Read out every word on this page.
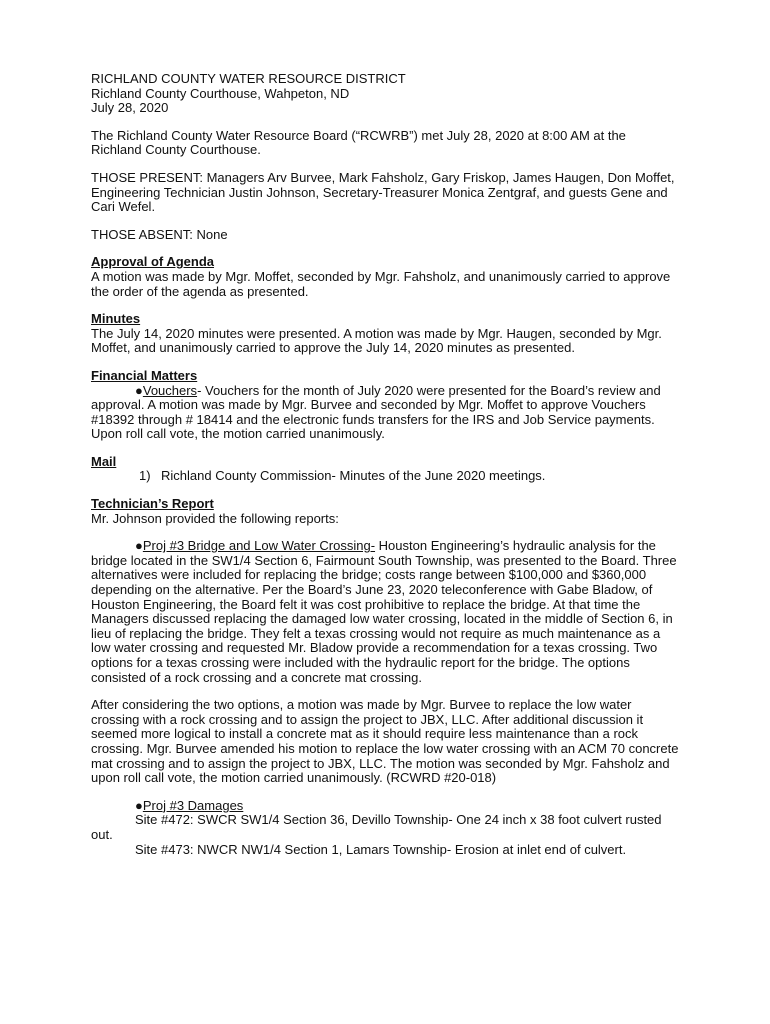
RICHLAND COUNTY WATER RESOURCE DISTRICT

Richland County Courthouse, Wahpeton, ND

July 28, 2020

The Richland County Water Resource Board (“RCWRB”) met July 28, 2020 at 8:00 AM at the Richland County Courthouse.

THOSE PRESENT: Managers Arv Burvee, Mark Fahsholz, Gary Friskop, James Haugen, Don Moffet, Engineering Technician Justin Johnson, Secretary-Treasurer Monica Zentgraf, and guests Gene and Cari Wefel.

THOSE ABSENT: None

Approval of Agenda

A motion was made by Mgr. Moffet, seconded by Mgr. Fahsholz, and unanimously carried to approve the order of the agenda as presented.

Minutes

The July 14, 2020 minutes were presented. A motion was made by Mgr. Haugen, seconded by Mgr. Moffet, and unanimously carried to approve the July 14, 2020 minutes as presented.

Financial Matters

●Vouchers- Vouchers for the month of July 2020 were presented for the Board’s review and approval. A motion was made by Mgr. Burvee and seconded by Mgr. Moffet to approve Vouchers #18392 through # 18414 and the electronic funds transfers for the IRS and Job Service payments. Upon roll call vote, the motion carried unanimously.

Mail

1) Richland County Commission- Minutes of the June 2020 meetings.

Technician’s Report

Mr. Johnson provided the following reports:

●Proj #3 Bridge and Low Water Crossing- Houston Engineering’s hydraulic analysis for the bridge located in the SW1/4 Section 6, Fairmount South Township, was presented to the Board. Three alternatives were included for replacing the bridge; costs range between $100,000 and $360,000 depending on the alternative. Per the Board’s June 23, 2020 teleconference with Gabe Bladow, of Houston Engineering, the Board felt it was cost prohibitive to replace the bridge. At that time the Managers discussed replacing the damaged low water crossing, located in the middle of Section 6, in lieu of replacing the bridge. They felt a texas crossing would not require as much maintenance as a low water crossing and requested Mr. Bladow provide a recommendation for a texas crossing. Two options for a texas crossing were included with the hydraulic report for the bridge. The options consisted of a rock crossing and a concrete mat crossing.

After considering the two options, a motion was made by Mgr. Burvee to replace the low water crossing with a rock crossing and to assign the project to JBX, LLC. After additional discussion it seemed more logical to install a concrete mat as it should require less maintenance than a rock crossing. Mgr. Burvee amended his motion to replace the low water crossing with an ACM 70 concrete mat crossing and to assign the project to JBX, LLC. The motion was seconded by Mgr. Fahsholz and upon roll call vote, the motion carried unanimously. (RCWRD #20-018)

●Proj #3 Damages

Site #472: SWCR SW1/4 Section 36, Devillo Township- One 24 inch x 38 foot culvert rusted out.

Site #473: NWCR NW1/4 Section 1, Lamars Township- Erosion at inlet end of culvert.
